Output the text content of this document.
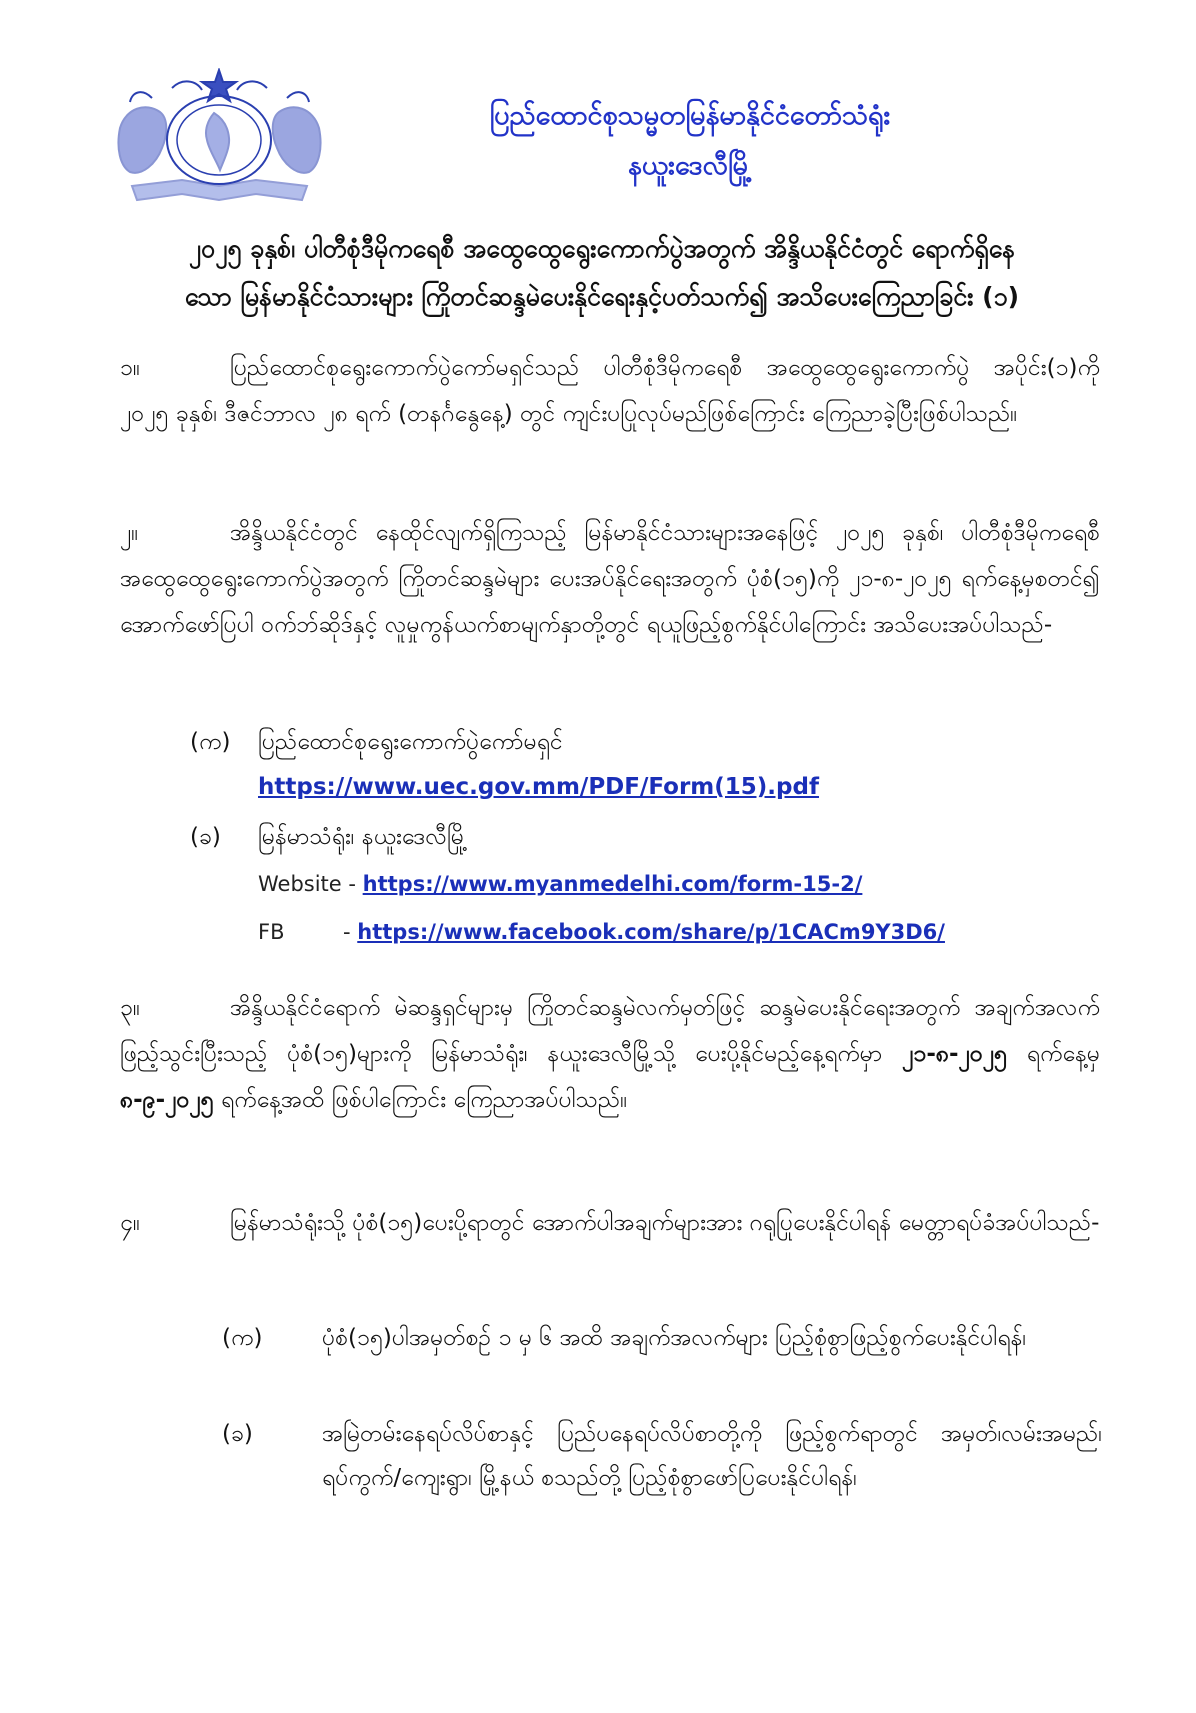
ပြည်ထောင်စုသမ္မတမြန်မာနိုင်ငံတော်သံရုံး
နယူးဒေလီမြို့
၂၀၂၅ ခုနှစ်၊ ပါတီစုံဒီမိုကရေစီ အထွေထွေရွေးကောက်ပွဲအတွက် အိန္ဒိယနိုင်ငံတွင် ရောက်ရှိနေ
သော မြန်မာနိုင်ငံသားများ ကြိုတင်ဆန္ဒမဲပေးနိုင်ရေးနှင့်ပတ်သက်၍ အသိပေးကြေညာခြင်း (၁)
၁။	ပြည်ထောင်စုရွေးကောက်ပွဲကော်မရှင်သည် ပါတီစုံဒီမိုကရေစီ အထွေထွေရွေးကောက်ပွဲ အပိုင်း(၁)ကို ၂၀၂၅ ခုနှစ်၊ ဒီဇင်ဘာလ ၂၈ ရက် (တနင်္ဂနွေနေ့) တွင် ကျင်းပပြုလုပ်မည်ဖြစ်ကြောင်း ကြေညာခဲ့ပြီးဖြစ်ပါသည်။
၂။	အိန္ဒိယနိုင်ငံတွင် နေထိုင်လျက်ရှိကြသည့် မြန်မာနိုင်ငံသားများအနေဖြင့် ၂၀၂၅ ခုနှစ်၊ ပါတီစုံဒီမိုကရေစီ အထွေထွေရွေးကောက်ပွဲအတွက် ကြိုတင်ဆန္ဒမဲများ ပေးအပ်နိုင်ရေးအတွက် ပုံစံ(၁၅)ကို ၂၁-၈-၂၀၂၅ ရက်နေ့မှစတင်၍ အောက်ဖော်ပြပါ ဝက်ဘ်ဆိုဒ်နှင့် လူမှုကွန်ယက်စာမျက်နှာတို့တွင် ရယူဖြည့်စွက်နိုင်ပါကြောင်း အသိပေးအပ်ပါသည်-
(က) ပြည်ထောင်စုရွေးကောက်ပွဲကော်မရှင်
https://www.uec.gov.mm/PDF/Form(15).pdf
(ခ) မြန်မာသံရုံး၊ နယူးဒေလီမြို့
Website - https://www.myanmedelhi.com/form-15-2/
FB	- https://www.facebook.com/share/p/1CACm9Y3D6/
၃။	အိန္ဒိယနိုင်ငံရောက် မဲဆန္ဒရှင်များမှ ကြိုတင်ဆန္ဒမဲလက်မှတ်ဖြင့် ဆန္ဒမဲပေးနိုင်ရေးအတွက် အချက်အလက်ဖြည့်သွင်းပြီးသည့် ပုံစံ(၁၅)များကို မြန်မာသံရုံး၊ နယူးဒေလီမြို့သို့ ပေးပို့နိုင်မည့်နေ့ရက်မှာ ၂၁-၈-၂၀၂၅ ရက်နေ့မှ ၈-၉-၂၀၂၅ ရက်နေ့အထိ ဖြစ်ပါကြောင်း ကြေညာအပ်ပါသည်။
၄။	မြန်မာသံရုံးသို့ ပုံစံ(၁၅)ပေးပို့ရာတွင် အောက်ပါအချက်များအား ဂရုပြုပေးနိုင်ပါရန် မေတ္တာရပ်ခံအပ်ပါသည်-
(က)	ပုံစံ(၁၅)ပါအမှတ်စဉ် ၁ မှ ၆ အထိ အချက်အလက်များ ပြည့်စုံစွာဖြည့်စွက်ပေးနိုင်ပါရန်၊
(ခ)	အမြဲတမ်းနေရပ်လိပ်စာနှင့် ပြည်ပနေရပ်လိပ်စာတို့ကို ဖြည့်စွက်ရာတွင် အမှတ်၊လမ်းအမည်၊ရပ်ကွက်/ကျေးရွာ၊ မြို့နယ် စသည်တို့ ပြည့်စုံစွာဖော်ပြပေးနိုင်ပါရန်၊
